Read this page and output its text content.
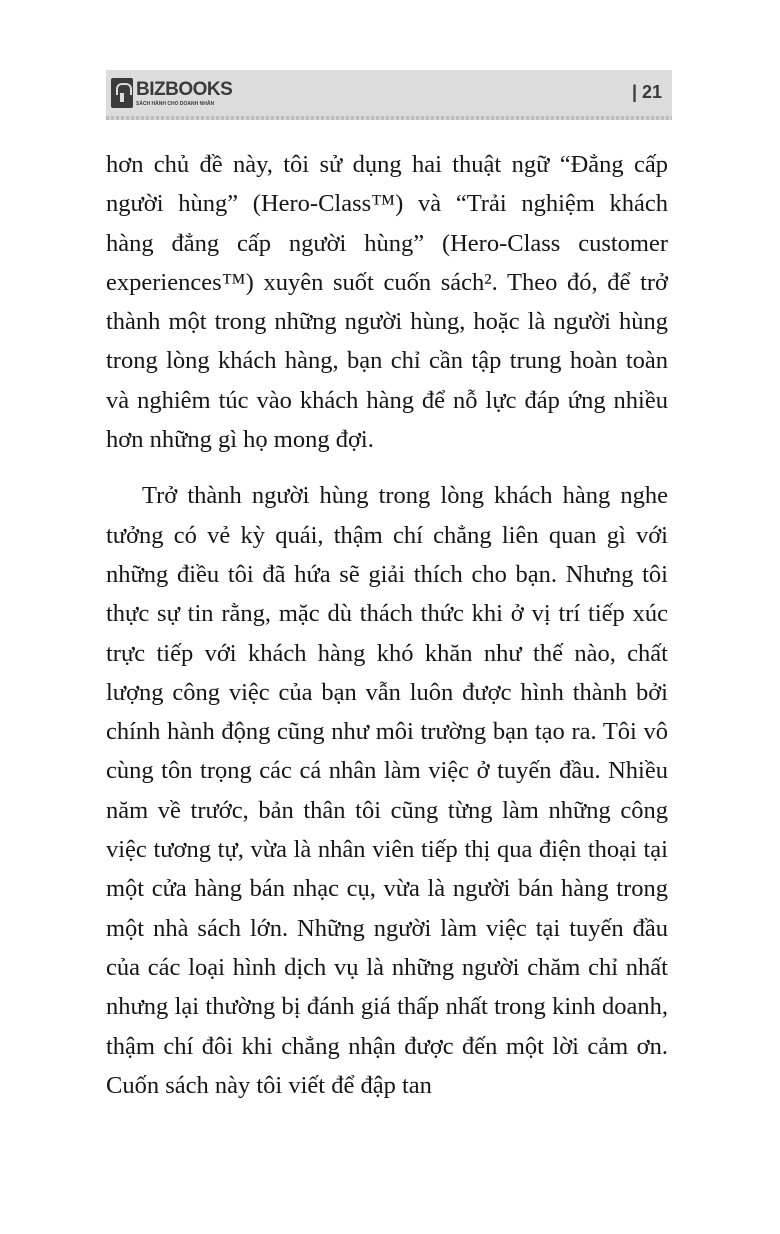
BIZBOOKS
SÁCH HÀNH CHO DOANH NHÂN
| 21

hơn chủ đề này, tôi sử dụng hai thuật ngữ “Đẳng cấp người hùng” (Hero-Class™) và “Trải nghiệm khách hàng đẳng cấp người hùng” (Hero-Class customer experiences™) xuyên suốt cuốn sách². Theo đó, để trở thành một trong những người hùng, hoặc là người hùng trong lòng khách hàng, bạn chỉ cần tập trung hoàn toàn và nghiêm túc vào khách hàng để nỗ lực đáp ứng nhiều hơn những gì họ mong đợi.

Trở thành người hùng trong lòng khách hàng nghe tưởng có vẻ kỳ quái, thậm chí chẳng liên quan gì với những điều tôi đã hứa sẽ giải thích cho bạn. Nhưng tôi thực sự tin rằng, mặc dù thách thức khi ở vị trí tiếp xúc trực tiếp với khách hàng khó khăn như thế nào, chất lượng công việc của bạn vẫn luôn được hình thành bởi chính hành động cũng như môi trường bạn tạo ra. Tôi vô cùng tôn trọng các cá nhân làm việc ở tuyến đầu. Nhiều năm về trước, bản thân tôi cũng từng làm những công việc tương tự, vừa là nhân viên tiếp thị qua điện thoại tại một cửa hàng bán nhạc cụ, vừa là người bán hàng trong một nhà sách lớn. Những người làm việc tại tuyến đầu của các loại hình dịch vụ là những người chăm chỉ nhất nhưng lại thường bị đánh giá thấp nhất trong kinh doanh, thậm chí đôi khi chẳng nhận được đến một lời cảm ơn. Cuốn sách này tôi viết để đập tan
